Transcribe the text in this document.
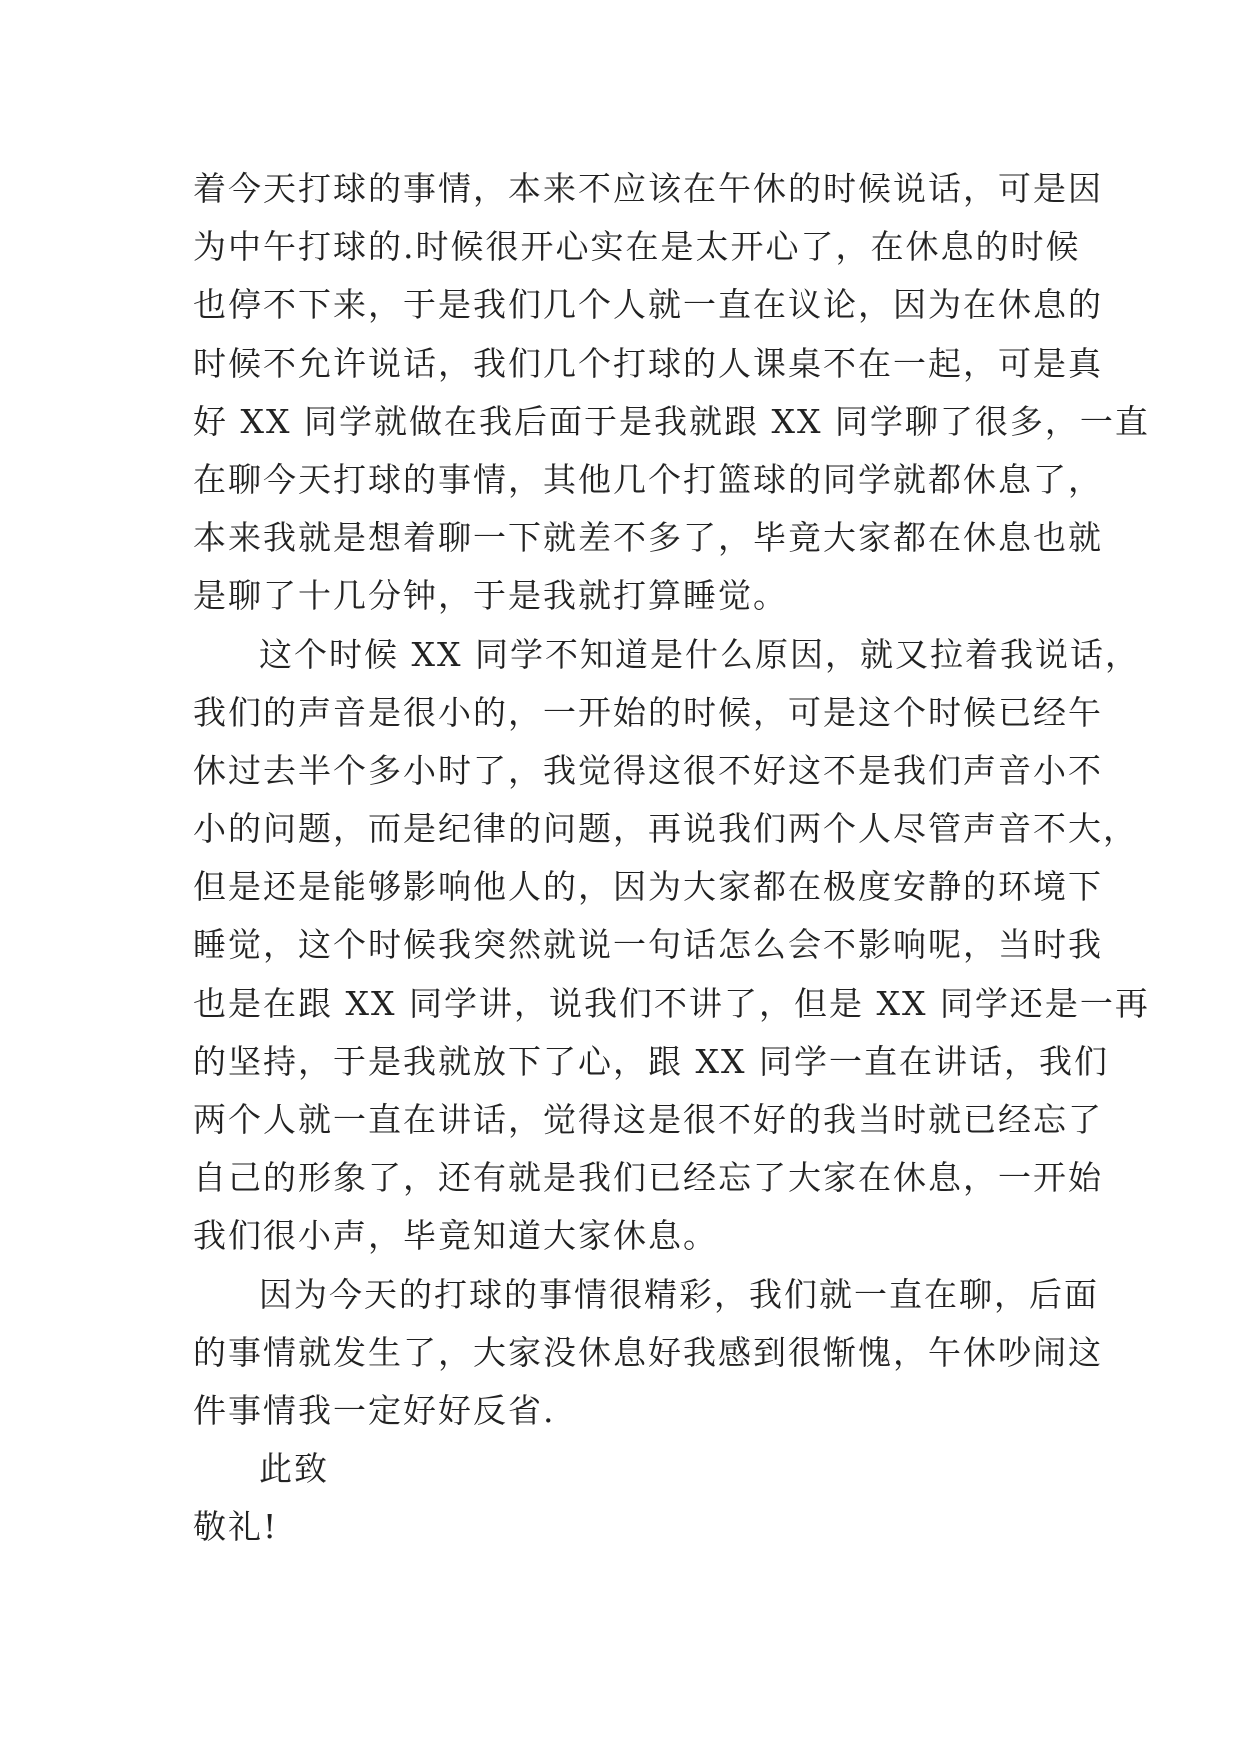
着今天打球的事情，本来不应该在午休的时候说话，可是因
为中午打球的.时候很开心实在是太开心了，在休息的时候
也停不下来，于是我们几个人就一直在议论，因为在休息的
时候不允许说话，我们几个打球的人课桌不在一起，可是真
好 XX 同学就做在我后面于是我就跟 XX 同学聊了很多，一直
在聊今天打球的事情，其他几个打篮球的同学就都休息了，
本来我就是想着聊一下就差不多了，毕竟大家都在休息也就
是聊了十几分钟，于是我就打算睡觉。
这个时候 XX 同学不知道是什么原因，就又拉着我说话，
我们的声音是很小的，一开始的时候，可是这个时候已经午
休过去半个多小时了，我觉得这很不好这不是我们声音小不
小的问题，而是纪律的问题，再说我们两个人尽管声音不大，
但是还是能够影响他人的，因为大家都在极度安静的环境下
睡觉，这个时候我突然就说一句话怎么会不影响呢，当时我
也是在跟 XX 同学讲，说我们不讲了，但是 XX 同学还是一再
的坚持，于是我就放下了心，跟 XX 同学一直在讲话，我们
两个人就一直在讲话，觉得这是很不好的我当时就已经忘了
自己的形象了，还有就是我们已经忘了大家在休息，一开始
我们很小声，毕竟知道大家休息。
因为今天的打球的事情很精彩，我们就一直在聊，后面
的事情就发生了，大家没休息好我感到很惭愧，午休吵闹这
件事情我一定好好反省.
此致
敬礼!
